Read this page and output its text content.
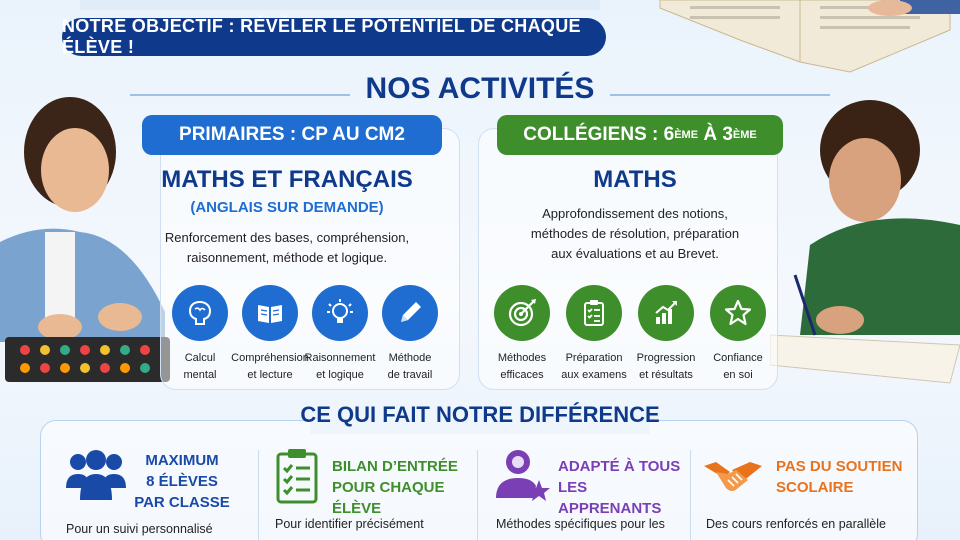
NOTRE OBJECTIF : RÉVÉLER LE POTENTIEL DE CHAQUE ÉLÈVE !
NOS ACTIVITÉS
PRIMAIRES : CP AU CM2
MATHS ET FRANÇAIS
(ANGLAIS SUR DEMANDE)
Renforcement des bases, compréhension,
raisonnement, méthode et logique.
Calcul
mental
Compréhension
et lecture
Raisonnement
et logique
Méthode
de travail
COLLÉGIENS : 6 ÈME À 3 ÈME
MATHS
Approfondissement des notions,
méthodes de résolution, préparation
aux évaluations et au Brevet.
Méthodes
efficaces
Préparation
aux examens
Progression
et résultats
Confiance
en soi
CE QUI FAIT NOTRE DIFFÉRENCE
MAXIMUM
8 ÉLÈVES
PAR CLASSE
Pour un suivi personnalisé
BILAN D’ENTRÉE
POUR CHAQUE ÉLÈVE
Pour identifier précisément
ADAPTÉ À TOUS
LES APPRENANTS
Méthodes spécifiques pour les
PAS DU SOUTIEN
SCOLAIRE
Des cours renforcés en parallèle
